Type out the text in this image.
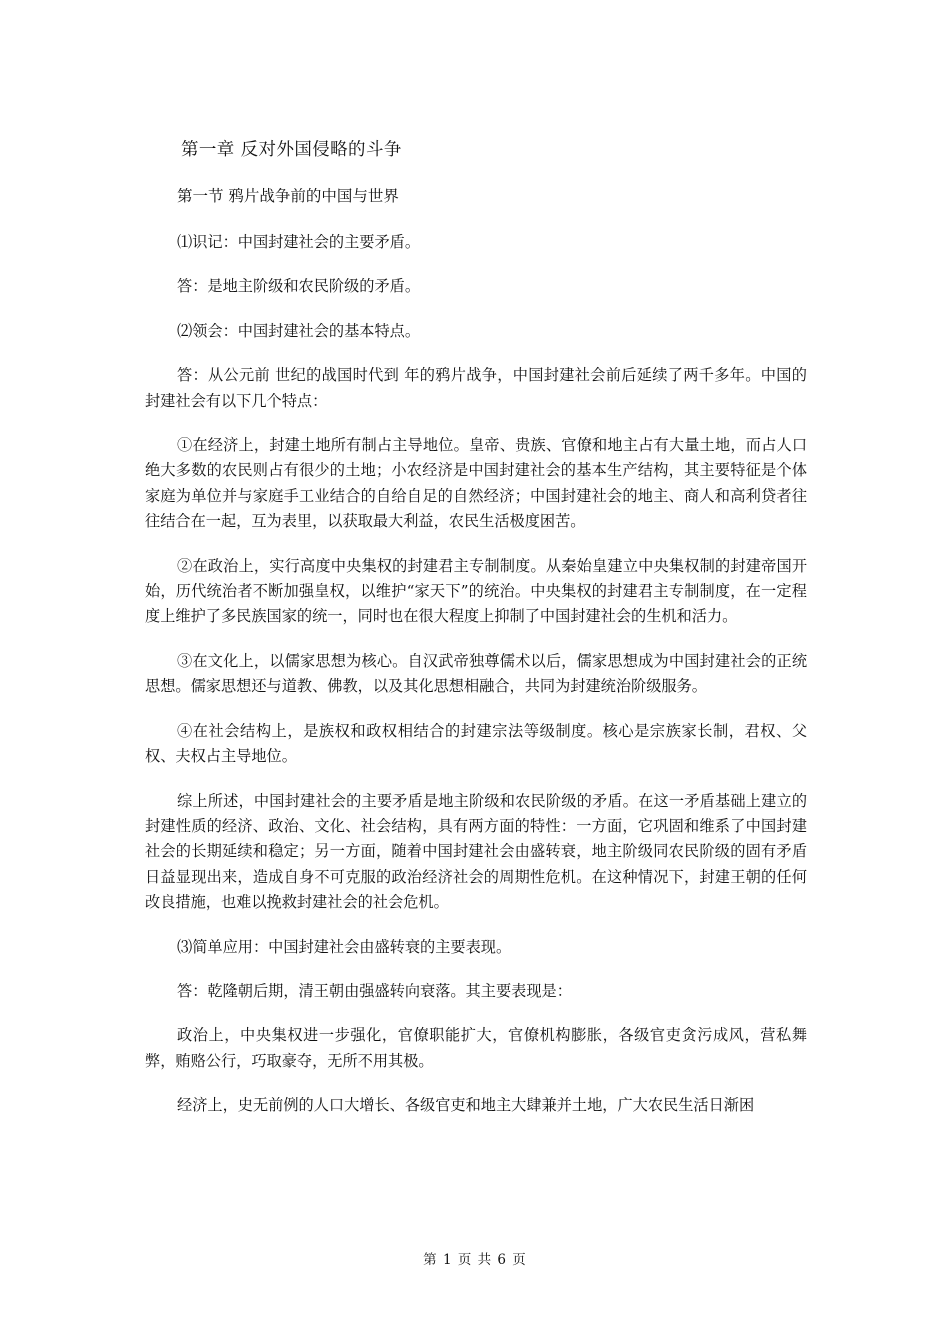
第一章 反对外国侵略的斗争
第一节 鸦片战争前的中国与世界

⑴识记：中国封建社会的主要矛盾。

答：是地主阶级和农民阶级的矛盾。

⑵领会：中国封建社会的基本特点。

答：从公元前 世纪的战国时代到 年的鸦片战争，中国封建社会前后延续了两千多年。中国的封建社会有以下几个特点：

①在经济上，封建土地所有制占主导地位。皇帝、贵族、官僚和地主占有大量土地，而占人口绝大多数的农民则占有很少的土地；小农经济是中国封建社会的基本生产结构，其主要特征是个体家庭为单位并与家庭手工业结合的自给自足的自然经济；中国封建社会的地主、商人和高利贷者往往结合在一起，互为表里，以获取最大利益，农民生活极度困苦。

②在政治上，实行高度中央集权的封建君主专制制度。从秦始皇建立中央集权制的封建帝国开始，历代统治者不断加强皇权，以维护“家天下”的统治。中央集权的封建君主专制制度，在一定程度上维护了多民族国家的统一，同时也在很大程度上抑制了中国封建社会的生机和活力。

③在文化上，以儒家思想为核心。自汉武帝独尊儒术以后，儒家思想成为中国封建社会的正统思想。儒家思想还与道教、佛教，以及其化思想相融合，共同为封建统治阶级服务。

④在社会结构上，是族权和政权相结合的封建宗法等级制度。核心是宗族家长制，君权、父权、夫权占主导地位。

综上所述，中国封建社会的主要矛盾是地主阶级和农民阶级的矛盾。在这一矛盾基础上建立的封建性质的经济、政治、文化、社会结构，具有两方面的特性：一方面，它巩固和维系了中国封建社会的长期延续和稳定；另一方面，随着中国封建社会由盛转衰，地主阶级同农民阶级的固有矛盾日益显现出来，造成自身不可克服的政治经济社会的周期性危机。在这种情况下，封建王朝的任何改良措施，也难以挽救封建社会的社会危机。

⑶简单应用：中国封建社会由盛转衰的主要表现。

答：乾隆朝后期，清王朝由强盛转向衰落。其主要表现是：

政治上，中央集权进一步强化，官僚职能扩大，官僚机构膨胀，各级官吏贪污成风，营私舞弊，贿赂公行，巧取豪夺，无所不用其极。

经济上，史无前例的人口大增长、各级官吏和地主大肆兼并土地，广大农民生活日渐困

第 1 页 共 6 页
